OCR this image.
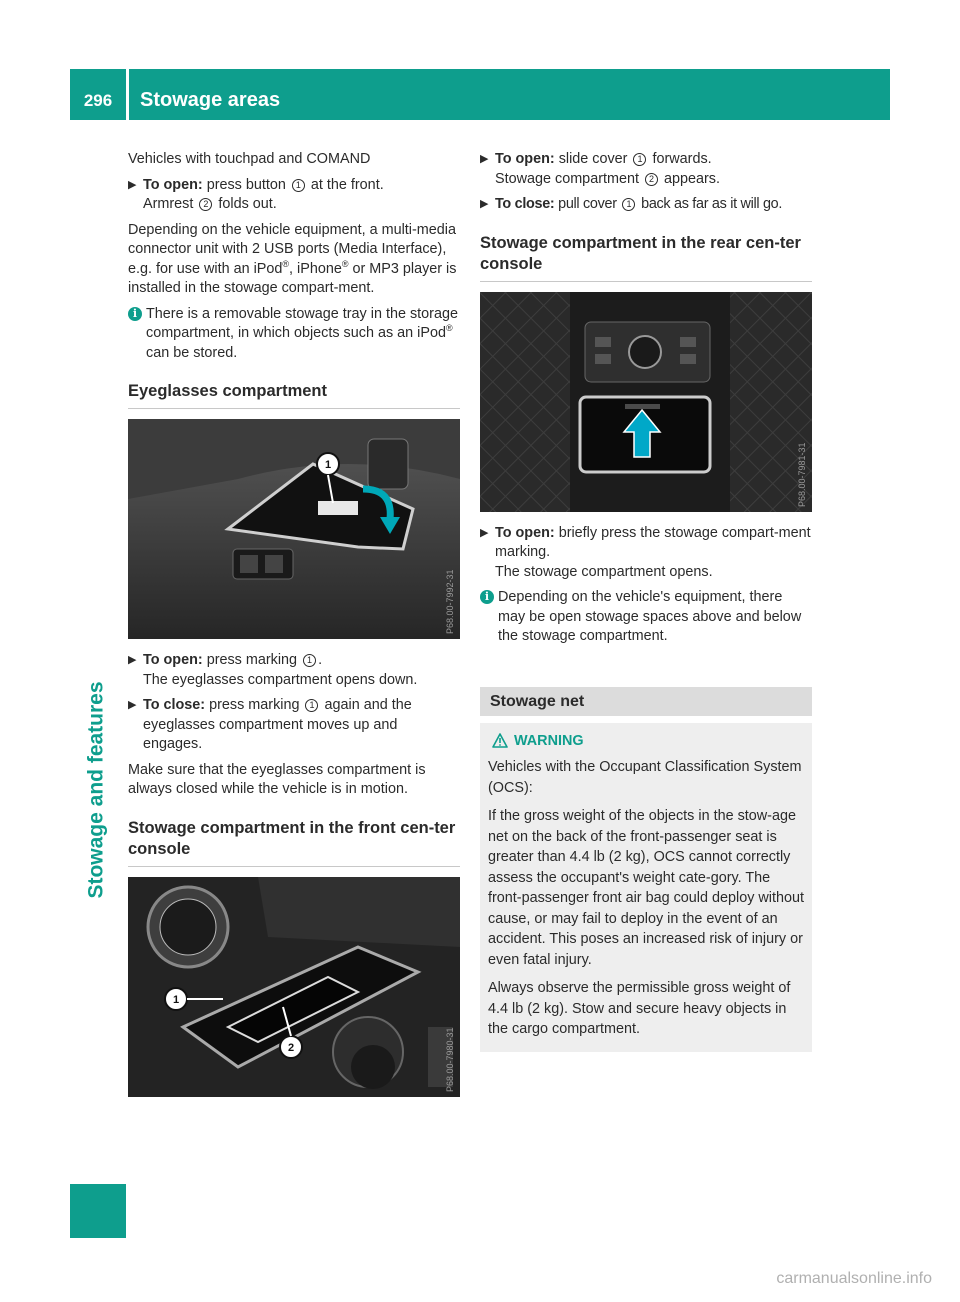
296	Stowage areas
Stowage and features

Vehicles with touchpad and COMAND

▶ To open: press button 1 at the front.
Armrest 2 folds out.

Depending on the vehicle equipment, a multi-media connector unit with 2 USB ports (Media Interface), e.g. for use with an iPod®, iPhone® or MP3 player is installed in the stowage compart-ment.

i There is a removable stowage tray in the storage compartment, in which objects such as an iPod® can be stored.
Eyeglasses compartment
1
P68.00-7992-31
▶ To open: press marking 1 .
The eyeglasses compartment opens down.
▶ To close: press marking 1 again and the eyeglasses compartment moves up and engages.

Make sure that the eyeglasses compartment is always closed while the vehicle is in motion.

Stowage compartment in the front cen-ter console
1
2	P68.00-7980-31
▶ To open: slide cover 1 forwards.
Stowage compartment 2 appears.
▶ To close: pull cover 1 back as far as it will go.
Stowage compartment in the rear cen-ter console
P68.00-7981-31
▶ To open: briefly press the stowage compart-ment marking.
The stowage compartment opens.
i Depending on the vehicle's equipment, there may be open stowage spaces above and below the stowage compartment.
Stowage net
WARNING

Vehicles with the Occupant Classification System (OCS):

If the gross weight of the objects in the stow-age net on the back of the front-passenger seat is greater than 4.4 lb (2 kg), OCS cannot correctly assess the occupant's weight cate-gory. The front-passenger front air bag could deploy without cause, or may fail to deploy in the event of an accident. This poses an increased risk of injury or even fatal injury.

Always observe the permissible gross weight of 4.4 lb (2 kg). Stow and secure heavy objects in the cargo compartment.

carmanualsonline.info
